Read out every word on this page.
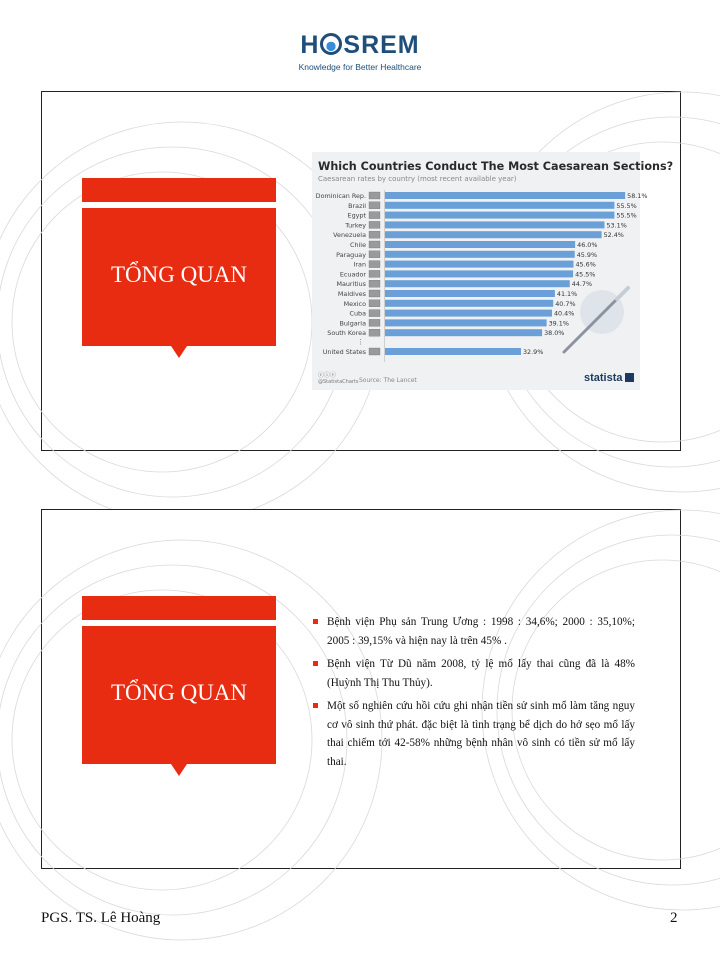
H SREM
Knowledge for Better Healthcare
TỔNG QUAN
Which Countries Conduct The Most Caesarean Sections?
Caesarean rates by country (most recent available year)
⋮
Dominican Rep.	58.1%
Brazil	55.5%
Egypt	55.5%
Turkey	53.1%
Venezuela	52.4%
Chile	46.0%
Paraguay	45.9%
Iran	45.6%
Ecuador	45.5%
Mauritius	44.7%
Maldives	41.1%
Mexico	40.7%
Cuba	40.4%
Bulgaria	39.1%
South Korea	38.0%
United States	32.9%
ⓒⓘⓔ
@StatistaCharts Source: The Lancet	statista
TỔNG QUAN
Bệnh viện Phụ sản Trung Ương : 1998 : 34,6%; 2000 : 35,10%; 2005 : 39,15% và hiện nay là trên 45% .
Bệnh viện Từ Dũ năm 2008, tỷ lệ mổ lấy thai cũng đã là 48% (Huỳnh Thị Thu Thủy).
Một số nghiên cứu hồi cứu ghi nhận tiền sử sinh mổ làm tăng nguy cơ vô sinh thứ phát. đặc biệt là tình trạng bể dịch do hở sẹo mổ lấy thai chiếm tới 42-58% những bệnh nhân vô sinh có tiền sử mổ lấy thai.
PGS. TS. Lê Hoàng	2
